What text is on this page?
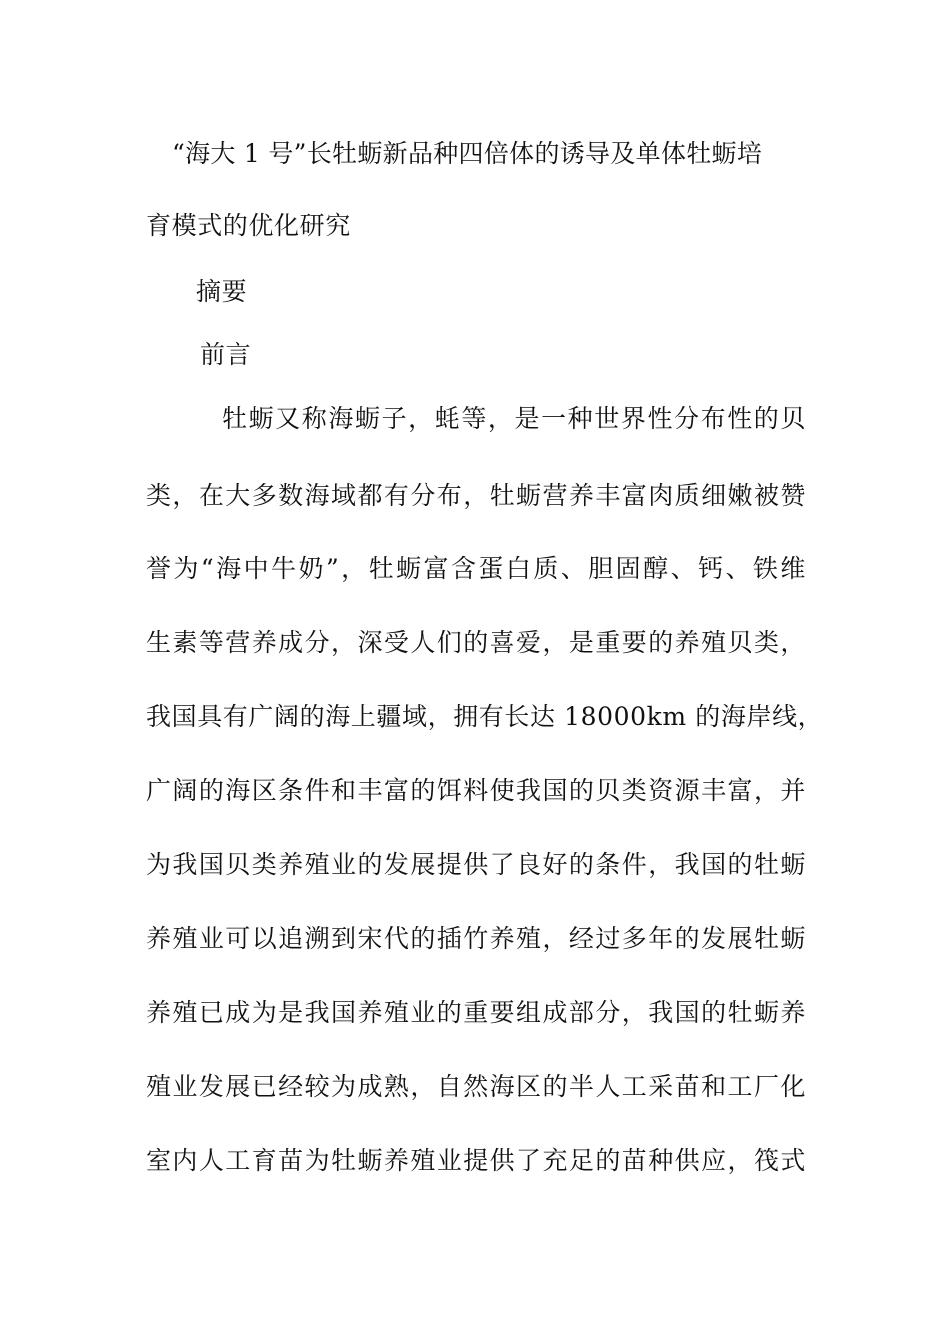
“海大 1 号”长牡蛎新品种四倍体的诱导及单体牡蛎培
育模式的优化研究
摘要
前言
牡蛎又称海蛎子，蚝等，是一种世界性分布性的贝
类，在大多数海域都有分布，牡蛎营养丰富肉质细嫩被赞
誉为“海中牛奶”，牡蛎富含蛋白质、胆固醇、钙、铁维
生素等营养成分，深受人们的喜爱，是重要的养殖贝类，
我国具有广阔的海上疆域，拥有长达 18000km 的海岸线，
广阔的海区条件和丰富的饵料使我国的贝类资源丰富，并
为我国贝类养殖业的发展提供了良好的条件，我国的牡蛎
养殖业可以追溯到宋代的插竹养殖，经过多年的发展牡蛎
养殖已成为是我国养殖业的重要组成部分，我国的牡蛎养
殖业发展已经较为成熟，自然海区的半人工采苗和工厂化
室内人工育苗为牡蛎养殖业提供了充足的苗种供应，筏式
